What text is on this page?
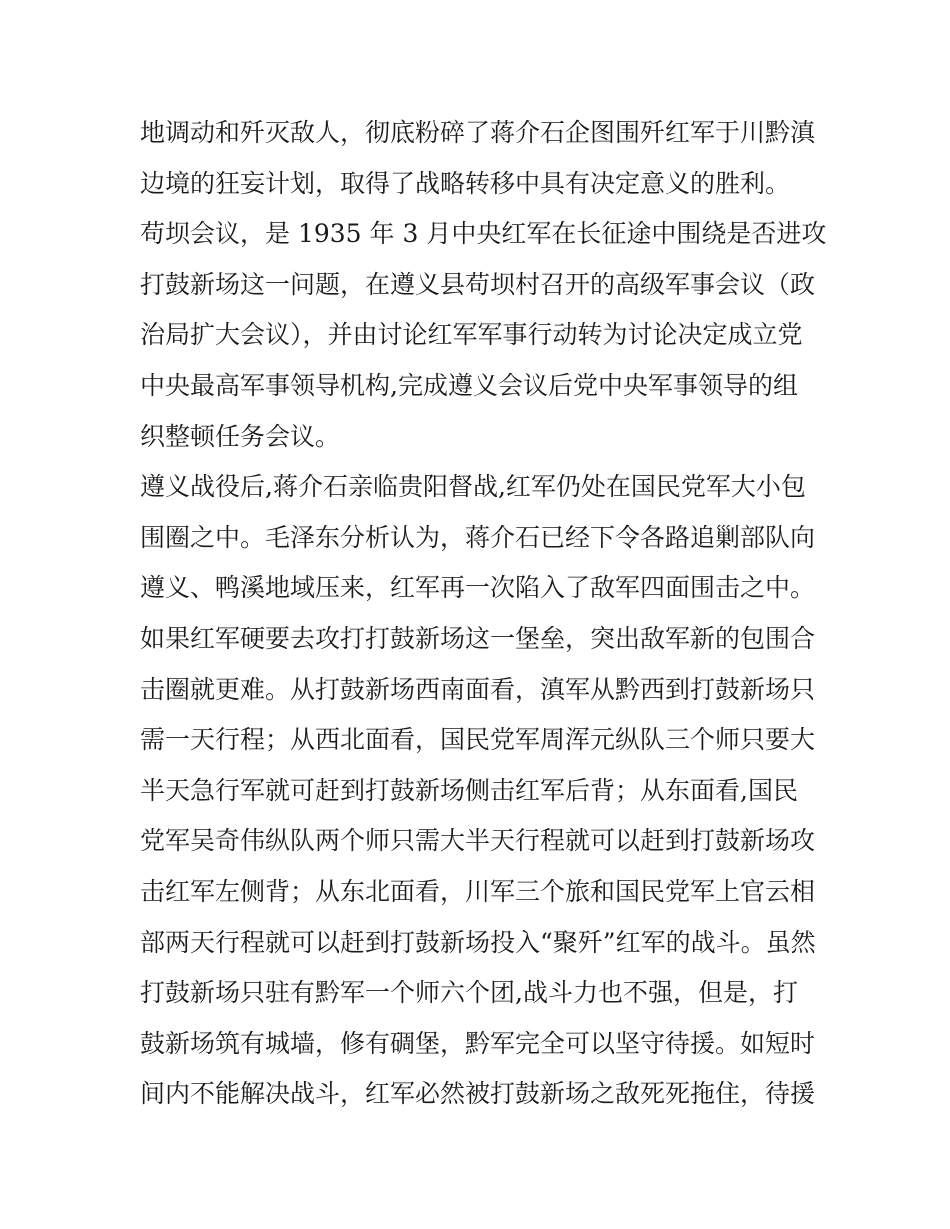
地调动和歼灭敌人，彻底粉碎了蒋介石企图围歼红军于川黔滇
边境的狂妄计划，取得了战略转移中具有决定意义的胜利。
苟坝会议，是 1935 年 3 月中央红军在长征途中围绕是否进攻
打鼓新场这一问题，在遵义县苟坝村召开的高级军事会议（政
治局扩大会议），并由讨论红军军事行动转为讨论决定成立党
中央最高军事领导机构,完成遵义会议后党中央军事领导的组
织整顿任务会议。
遵义战役后,蒋介石亲临贵阳督战,红军仍处在国民党军大小包
围圈之中。毛泽东分析认为，蒋介石已经下令各路追剿部队向
遵义、鸭溪地域压来，红军再一次陷入了敌军四面围击之中。
如果红军硬要去攻打打鼓新场这一堡垒，突出敌军新的包围合
击圈就更难。从打鼓新场西南面看，滇军从黔西到打鼓新场只
需一天行程；从西北面看，国民党军周浑元纵队三个师只要大
半天急行军就可赶到打鼓新场侧击红军后背；从东面看,国民
党军吴奇伟纵队两个师只需大半天行程就可以赶到打鼓新场攻
击红军左侧背；从东北面看，川军三个旅和国民党军上官云相
部两天行程就可以赶到打鼓新场投入“聚歼”红军的战斗。虽然
打鼓新场只驻有黔军一个师六个团,战斗力也不强，但是，打
鼓新场筑有城墙，修有碉堡，黔军完全可以坚守待援。如短时
间内不能解决战斗，红军必然被打鼓新场之敌死死拖住，待援
